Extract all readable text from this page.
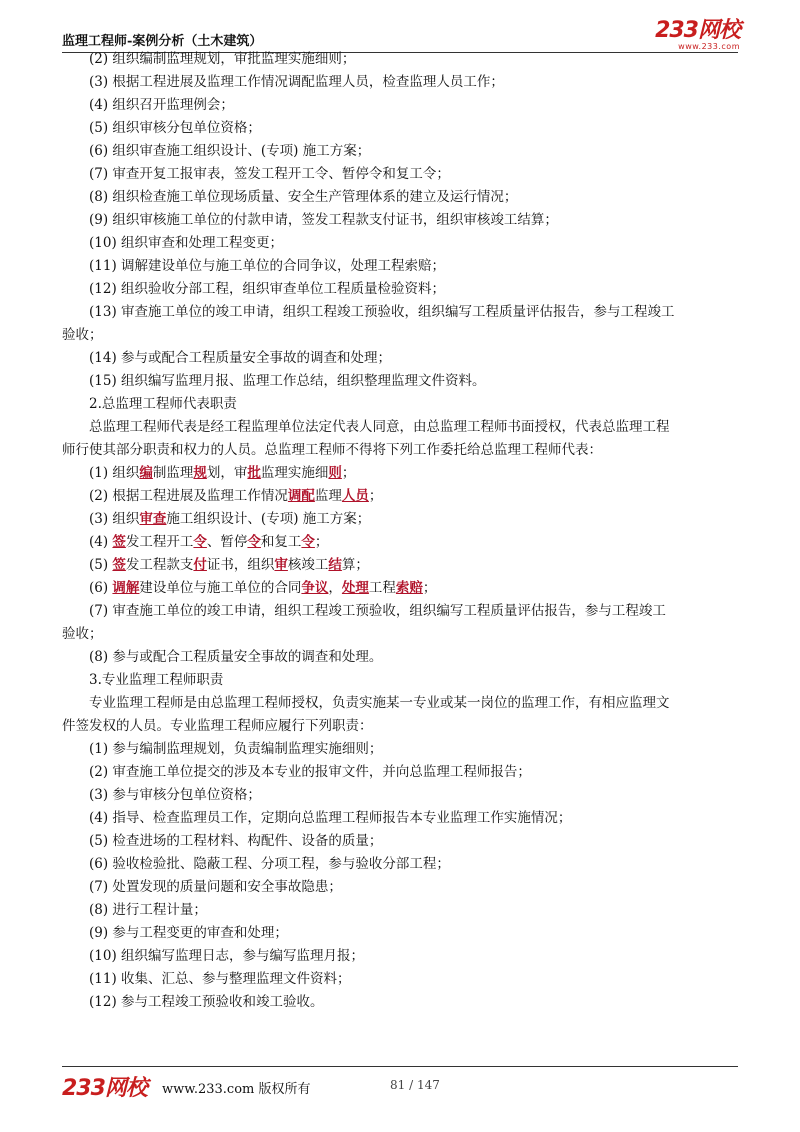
监理工程师-案例分析（土木建筑）	233网校
www.233.com

(2) 组织编制监理规划，审批监理实施细则；

(3) 根据工程进展及监理工作情况调配监理人员，检查监理人员工作；

(4) 组织召开监理例会；

(5) 组织审核分包单位资格；

(6) 组织审查施工组织设计、(专项) 施工方案；

(7) 审查开复工报审表，签发工程开工令、暂停令和复工令；

(8) 组织检查施工单位现场质量、安全生产管理体系的建立及运行情况；

(9) 组织审核施工单位的付款申请，签发工程款支付证书，组织审核竣工结算；

(10) 组织审查和处理工程变更；

(11) 调解建设单位与施工单位的合同争议，处理工程索赔；

(12) 组织验收分部工程，组织审查单位工程质量检验资料；

(13) 审查施工单位的竣工申请，组织工程竣工预验收，组织编写工程质量评估报告，参与工程竣工

验收；

(14) 参与或配合工程质量安全事故的调查和处理；

(15) 组织编写监理月报、监理工作总结，组织整理监理文件资料。

2.总监理工程师代表职责

总监理工程师代表是经工程监理单位法定代表人同意，由总监理工程师书面授权，代表总监理工程

师行使其部分职责和权力的人员。总监理工程师不得将下列工作委托给总监理工程师代表：

(1) 组织编制监理规划，审批监理实施细则；

(2) 根据工程进展及监理工作情况调配监理人员；

(3) 组织审查施工组织设计、(专项) 施工方案；

(4) 签发工程开工令、暂停令和复工令；

(5) 签发工程款支付证书，组织审核竣工结算；

(6) 调解建设单位与施工单位的合同争议，处理工程索赔；

(7) 审查施工单位的竣工申请，组织工程竣工预验收，组织编写工程质量评估报告，参与工程竣工

验收；

(8) 参与或配合工程质量安全事故的调查和处理。

3.专业监理工程师职责

专业监理工程师是由总监理工程师授权，负责实施某一专业或某一岗位的监理工作，有相应监理文

件签发权的人员。专业监理工程师应履行下列职责：

(1) 参与编制监理规划，负责编制监理实施细则；

(2) 审查施工单位提交的涉及本专业的报审文件，并向总监理工程师报告；

(3) 参与审核分包单位资格；

(4) 指导、检查监理员工作，定期向总监理工程师报告本专业监理工作实施情况；

(5) 检查进场的工程材料、构配件、设备的质量；

(6) 验收检验批、隐蔽工程、分项工程，参与验收分部工程；

(7) 处置发现的质量问题和安全事故隐患；

(8) 进行工程计量；

(9) 参与工程变更的审查和处理；

(10) 组织编写监理日志，参与编写监理月报；

(11) 收集、汇总、参与整理监理文件资料；

(12) 参与工程竣工预验收和竣工验收。

233网校 www.233.com 版权所有	81 / 147
